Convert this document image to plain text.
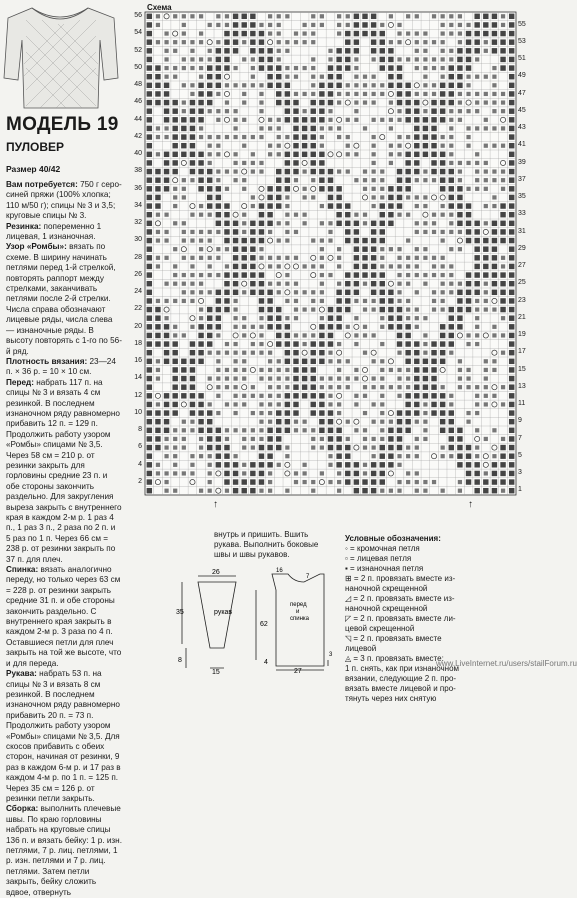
МОДЕЛЬ 19
ПУЛОВЕР
Размер 40/42

Вам потребуется: 750 г серо-синей пряжи (100% хлопка; 110 м/50 г); спицы № 3 и 3,5; круговые спицы № 3.

Резинка: попеременно 1 лицевая, 1 изнаночная.

Узор «Ромбы»: вязать по схеме. В ширину начинать петлями перед 1-й стрелкой, повторять раппорт между стрелками, заканчивать петлями после 2-й стрелки. Числа справа обозначают лицевые ряды, числа слева — изнаночные ряды. В высоту повторять с 1-го по 56-й ряд.

Плотность вязания: 23—24 п. × 36 р. = 10 × 10 см.

Перед: набрать 117 п. на спицы № 3 и вязать 4 см резинкой. В последнем изнаночном ряду равномерно прибавить 12 п. = 129 п. Продолжить работу узором «Ромбы» спицами № 3,5. Через 58 см = 210 р. от резинки закрыть для горловины средние 23 п. и обе стороны закончить раздельно. Для закругления выреза закрыть с внутреннего края в каждом 2-м р. 1 раз 4 п., 1 раз 3 п., 2 раза по 2 п. и 5 раз по 1 п. Через 66 см = 238 р. от резинки закрыть по 37 п. для плеч.

Спинка: вязать аналогично переду, но только через 63 см = 228 р. от резинки закрыть средние 31 п. и обе стороны закончить раздельно. С внутреннего края закрыть в каждом 2-м р. 3 раза по 4 п. Оставшиеся петли для плеч закрыть на той же высоте, что и для переда.

Рукава: набрать 53 п. на спицы № 3 и вязать 8 см резинкой. В последнем изнаночном ряду равномерно прибавить 20 п. = 73 п. Продолжить работу узором «Ромбы» спицами № 3,5. Для скосов прибавить с обеих сторон, начиная от резинки, 9 раз в каждом 6-м р. и 17 раз в каждом 4-м р. по 1 п. = 125 п. Через 35 см = 126 р. от резинки петли закрыть.

Сборка: выполнить плечевые швы. По краю горловины набрать на круговые спицы 136 п. и вязать бейку: 1 р. изн. петлями, 7 р. лиц. петлями, 1 р. изн. петлями и 7 р. лиц. петлями. Затем петли закрыть, бейку сложить вдвое, отвернуть

Схема
56
54
52
50
48
46
44
42
40
38
36
34
32
30
28
26
24
22
20
18
16
14
12
10
8
6
4
2
55
53
51
49
47
45
43
41
39
37
35
33
31
29
27
25
23
21
19
17
15
13
11
9
7
5
3
1
↑	↑
внутрь и пришить. Вшить рукава. Выполнить боковые швы и швы рукавов.
26
35
8
15
рукав
16
7
62
4
27
3
перед и спинка
Условные обозначения:
◦ = кромочная петля
▫ = лицевая петля
▪ = изнаночная петля
⊞ = 2 п. провязать вместе из-
наночной скрещенной
◿ = 2 п. провязать вместе из-
наночной скрещенной
◸ = 2 п. провязать вместе ли-
цевой скрещенной
◹ = 2 п. провязать вместе
лицевой
◬ = 3 п. провязать вместе:
1 п. снять, как при изнаночном
вязании, следующие 2 п. про-
вязать вместе лицевой и про-
тянуть через них снятую
www.LiveInternet.ru/users/stailForum.ru
